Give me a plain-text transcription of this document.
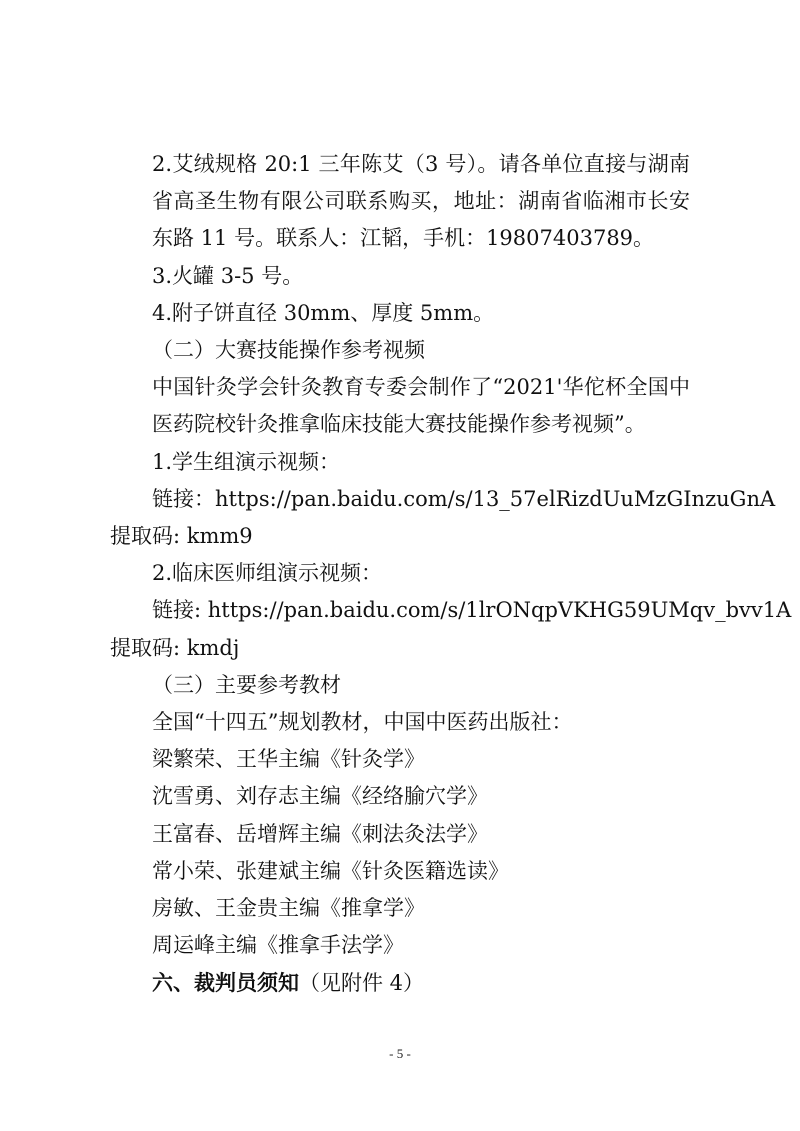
2.艾绒规格 20:1 三年陈艾（3 号）。请各单位直接与湖南省高圣生物有限公司联系购买，地址：湖南省临湘市长安东路 11 号。联系人：江韬，手机：19807403789。

3.火罐 3-5 号。

4.附子饼直径 30mm、厚度 5mm。

（二）大赛技能操作参考视频

中国针灸学会针灸教育专委会制作了“2021'华佗杯全国中医药院校针灸推拿临床技能大赛技能操作参考视频”。

1.学生组演示视频：

链接：https://pan.baidu.com/s/13_57elRizdUuMzGInzuGnA

提取码: kmm9

2.临床医师组演示视频：

链接: https://pan.baidu.com/s/1lrONqpVKHG59UMqv_bvv1A

提取码: kmdj

（三）主要参考教材

全国“十四五”规划教材，中国中医药出版社：

梁繁荣、王华主编《针灸学》

沈雪勇、刘存志主编《经络腧穴学》

王富春、岳增辉主编《刺法灸法学》

常小荣、张建斌主编《针灸医籍选读》

房敏、王金贵主编《推拿学》

周运峰主编《推拿手法学》

六、裁判员须知（见附件 4）

- 5 -
